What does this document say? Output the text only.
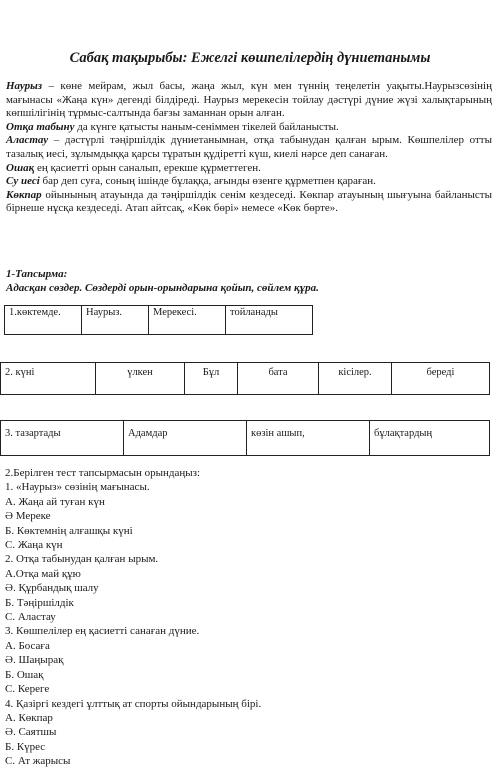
Сабақ тақырыбы: Ежелгі көшпелілердің дүниетанымы

Наурыз – көне мейрам, жыл басы, жаңа жыл, күн мен түннің теңелетін уақыты.Наурызсөзінің мағынасы «Жаңа күн» дегенді білдіреді. Наурыз мерекесін тойлау дәстүрі дүние жүзі халықтарының көпшілігінің тұрмыс-салтында бағзы заманнан орын алған.

Отқа табыну да күнге қатысты наным-сеніммен тікелей байланысты.

Аластау – дәстүрлі тәңіршілдік дүниетанымнан, отқа табынудан қалған ырым. Көшпелілер отты тазалық иесі, зұлымдыққа қарсы тұратын құдіретті күш, киелі нәрсе деп санаған.

Ошақ ең қасиетті орын саналып, ерекше құрметтеген.

Су иесі бар деп суға, соның ішінде бұлаққа, ағынды өзенге құрметпен қараған.

Көкпар ойынының атауында да тәңіршілдік сенім кездеседі. Көкпар атауының шығуына байланысты бірнеше нұсқа кездеседі. Атап айтсақ, «Көк бөрі» немесе «Көк бөрте».

1-Тапсырма:
Адасқан сөздер. Сөздерді орын-орындарына қойып, сөйлем құра.
1.көктемде.	Наурыз.	Мерекесі.	тойланады
2. күні	үлкен	Бұл	бата	кісілер.	береді
3. тазартады	Адамдар	көзін ашып,	бұлақтардың
2.Берілген тест тапсырмасын орындаңыз:
1. «Наурыз» сөзінің мағынасы.
А. Жаңа ай туған күн
Ә Мереке
Б. Көктемнің алғашқы күні
С. Жаңа күн
2. Отқа табынудан қалған ырым.
А.Отқа май құю
Ә. Құрбандық шалу
Б. Тәңіршілдік
С. Аластау
3. Көшпелілер ең қасиетті санаған дүние.
А. Босаға
Ә. Шаңырақ
Б. Ошақ
С. Кереге
4. Қазіргі кездегі ұлттық ат спорты ойындарының бірі.
А. Көкпар
Ә. Саятшы
Б. Күрес
С. Ат жарысы
